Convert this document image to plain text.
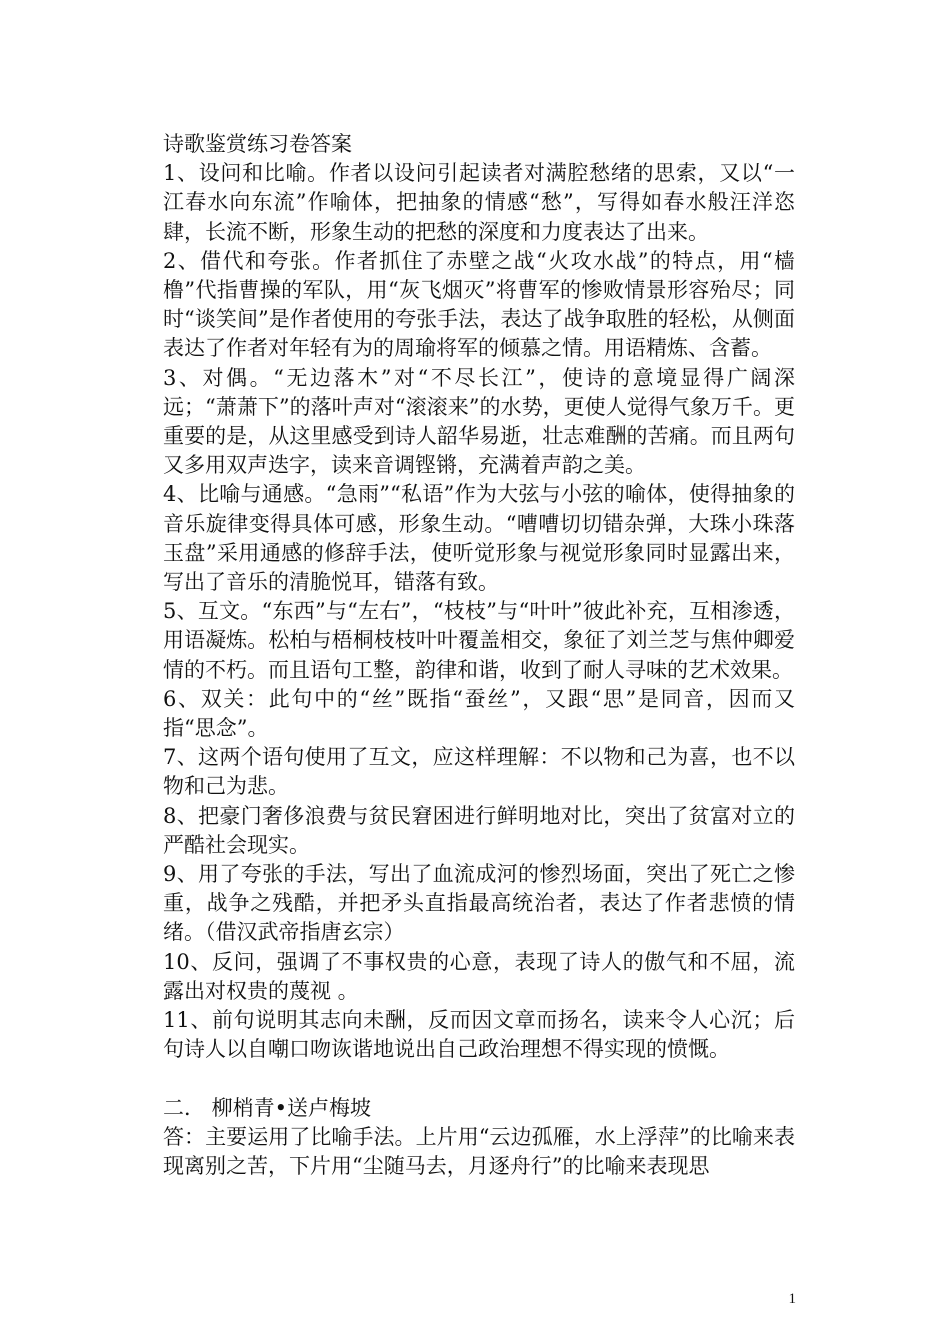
诗歌鉴赏练习卷答案

1、设问和比喻。作者以设问引起读者对满腔愁绪的思索，又以“一江春水向东流”作喻体，把抽象的情感“愁”，写得如春水般汪洋恣肆，长流不断，形象生动的把愁的深度和力度表达了出来。

2、借代和夸张。作者抓住了赤壁之战“火攻水战”的特点，用“樯橹”代指曹操的军队，用“灰飞烟灭”将曹军的惨败情景形容殆尽；同时“谈笑间”是作者使用的夸张手法，表达了战争取胜的轻松，从侧面表达了作者对年轻有为的周瑜将军的倾慕之情。用语精炼、含蓄。

3、对偶。“无边落木”对“不尽长江”，使诗的意境显得广阔深远；“萧萧下”的落叶声对“滚滚来”的水势，更使人觉得气象万千。更重要的是，从这里感受到诗人韶华易逝，壮志难酬的苦痛。而且两句又多用双声迭字，读来音调铿锵，充满着声韵之美。

4、比喻与通感。“急雨”“私语”作为大弦与小弦的喻体，使得抽象的音乐旋律变得具体可感，形象生动。“嘈嘈切切错杂弹，大珠小珠落玉盘”采用通感的修辞手法，使听觉形象与视觉形象同时显露出来，写出了音乐的清脆悦耳，错落有致。

5、互文。“东西”与“左右”，“枝枝”与“叶叶”彼此补充，互相渗透，用语凝炼。松柏与梧桐枝枝叶叶覆盖相交，象征了刘兰芝与焦仲卿爱情的不朽。而且语句工整，韵律和谐，收到了耐人寻味的艺术效果。

6、双关：此句中的“丝”既指“蚕丝”，又跟“思”是同音，因而又指“思念”。

7、这两个语句使用了互文，应这样理解：不以物和己为喜，也不以物和己为悲。

8、把豪门奢侈浪费与贫民窘困进行鲜明地对比，突出了贫富对立的严酷社会现实。

9、用了夸张的手法，写出了血流成河的惨烈场面，突出了死亡之惨重，战争之残酷，并把矛头直指最高统治者，表达了作者悲愤的情绪。（借汉武帝指唐玄宗）

10、反问，强调了不事权贵的心意，表现了诗人的傲气和不屈，流露出对权贵的蔑视 。

11、前句说明其志向未酬，反而因文章而扬名，读来令人心沉；后句诗人以自嘲口吻诙谐地说出自己政治理想不得实现的愤慨。

二． 柳梢青•送卢梅坡

答：主要运用了比喻手法。上片用“云边孤雁，水上浮萍”的比喻来表现离别之苦，下片用“尘随马去，月逐舟行”的比喻来表现思

1
